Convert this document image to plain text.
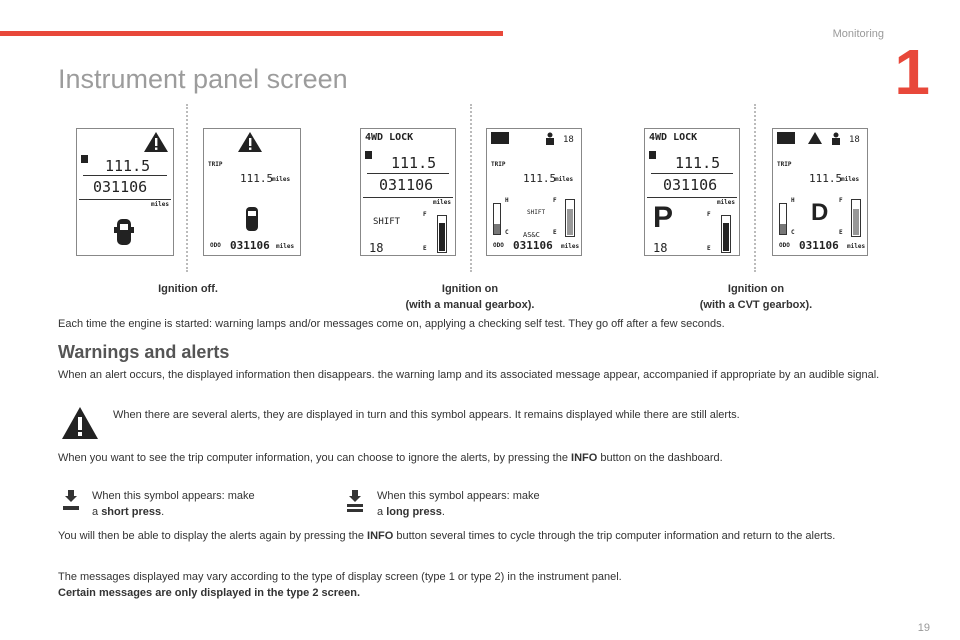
Monitoring
1
Instrument panel screen
111.5
031106
miles
TRIP
111.5
miles
ODO 031106 miles
4WD LOCK
111.5
031106
miles
SHIFT
18
F
E
18
TRIP
111.5
miles
H
C
SHIFT
AS&C
F
E
ODO 031106 miles
4WD LOCK
111.5
031106
miles
P
18
F
E
18
TRIP
111.5
miles
H
C
D F
E
ODO 031106 miles
Ignition off.	Ignition on
(with a manual gearbox).
Ignition on
(with a CVT gearbox).
Each time the engine is started: warning lamps and/or messages come on, applying a checking self test. They go off after a few seconds.
Warnings and alerts
When an alert occurs, the displayed information then disappears. the warning lamp and its associated message appear, accompanied if appropriate by an audible signal.
When there are several alerts, they are displayed in turn and this symbol appears. It remains displayed while there are still alerts.
When you want to see the trip computer information, you can choose to ignore the alerts, by pressing the INFO button on the dashboard.
When this symbol appears: make
a short press.
When this symbol appears: make
a long press.
You will then be able to display the alerts again by pressing the INFO button several times to cycle through the trip computer information and return to the alerts.
The messages displayed may vary according to the type of display screen (type 1 or type 2) in the instrument panel.
Certain messages are only displayed in the type 2 screen.
19
